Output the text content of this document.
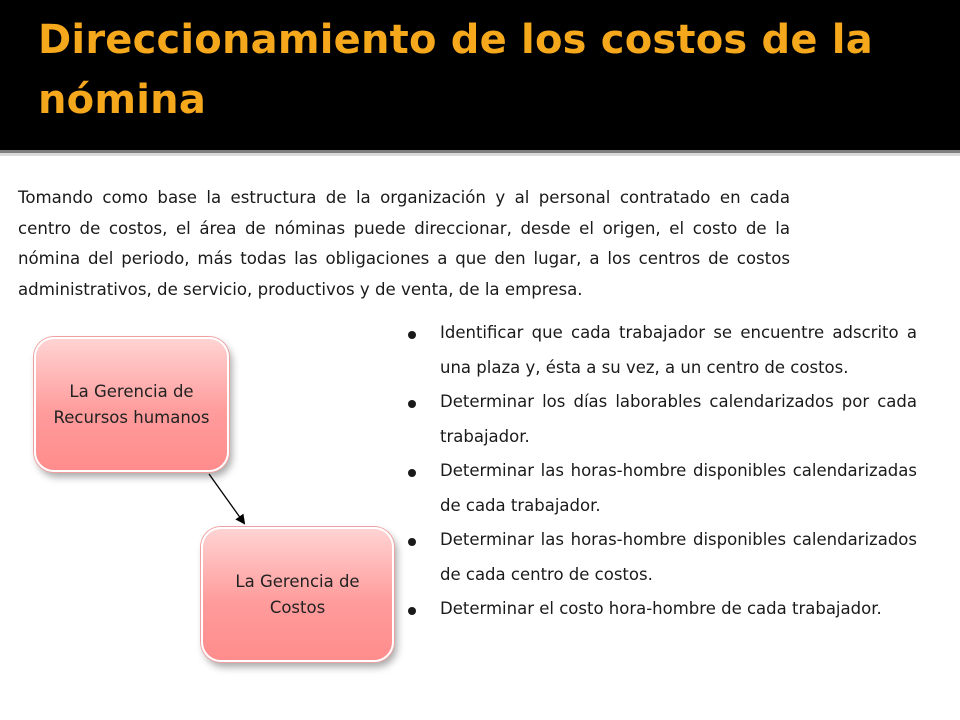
Direccionamiento de los costos de la nómina

Tomando como base la estructura de la organización y al personal contratado en cada centro de costos, el área de nóminas puede direccionar, desde el origen, el costo de la nómina del periodo, más todas las obligaciones a que den lugar, a los centros de costos administrativos, de servicio, productivos y de venta, de la empresa.

La Gerencia de Recursos humanos
La Gerencia de Costos
Identificar que cada trabajador se encuentre adscrito a una plaza y, ésta a su vez, a un centro de costos.
Determinar los días laborables calendarizados por cada trabajador.
Determinar las horas-hombre disponibles calendarizadas de cada trabajador.
Determinar las horas-hombre disponibles calendarizados de cada centro de costos.
Determinar el costo hora-hombre de cada trabajador.
